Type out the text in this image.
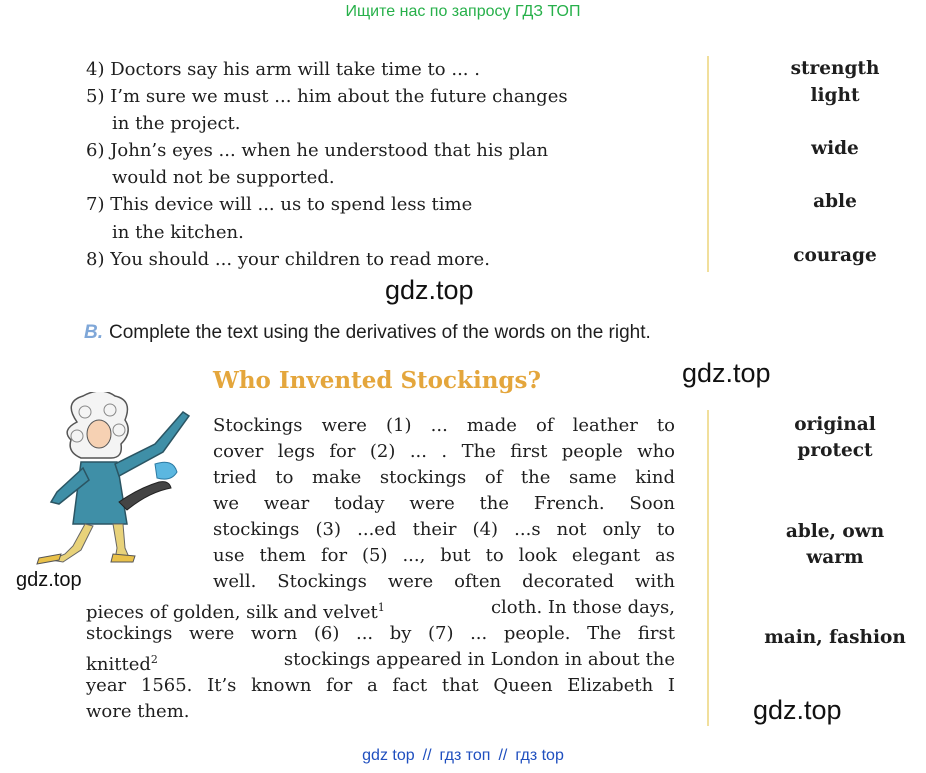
Ищите нас по запросу ГДЗ ТОП
4) Doctors say his arm will take time to ... .
5) I’m sure we must ... him about the future changes
in the project.
6) John’s eyes ... when he understood that his plan
would not be supported.
7) This device will ... us to spend less time
in the kitchen.
8) You should ... your children to read more.
strength
light
wide
able
courage
gdz.top
B. Complete the text using the derivatives of the words on the right.
Who Invented Stockings?	gdz.top
gdz.top
Stockings were (1) ... made of leather to
cover legs for (2) ... . The first people who
tried to make stockings of the same kind
we wear today were the French. Soon
stockings (3) ...ed their (4) ...s not only to
use them for (5) ..., but to look elegant as
well. Stockings were often decorated with
pieces of golden, silk and velvet$^1$	cloth. In those days,
stockings were worn (6) ... by (7) ... people. The first
knitted$^2$	stockings appeared in London in about the
year 1565. It’s known for a fact that Queen Elizabeth I
wore them.
original
protect
able, own
warm
main, fashion
gdz.top
gdz top // гдз топ // гдз top
